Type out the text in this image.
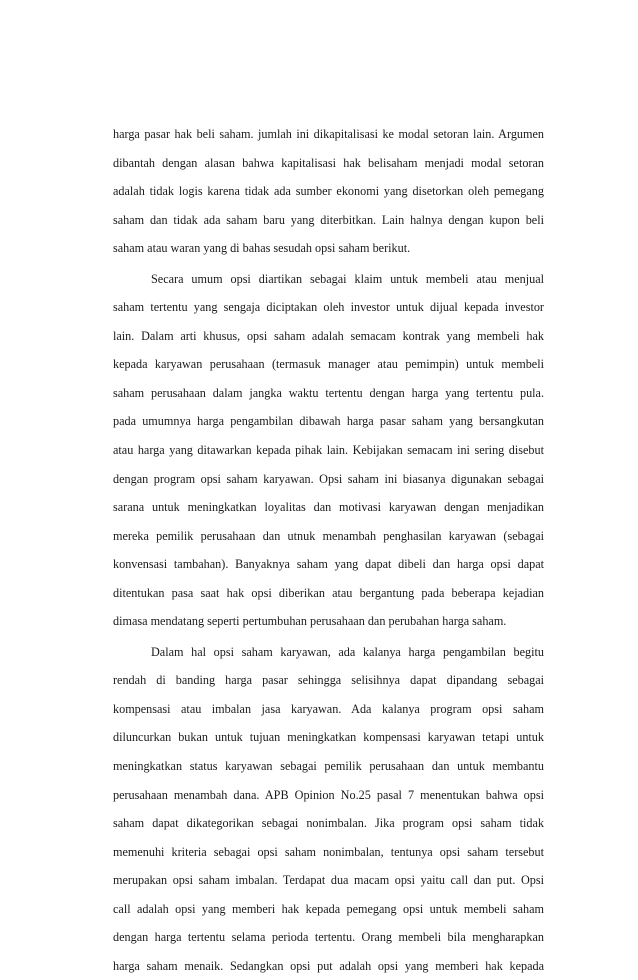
harga pasar hak beli saham. jumlah ini dikapitalisasi ke modal setoran lain. Argumen
dibantah dengan alasan bahwa kapitalisasi hak belisaham menjadi modal setoran
adalah tidak logis karena tidak ada sumber ekonomi yang disetorkan oleh pemegang
saham dan tidak ada saham baru yang diterbitkan. Lain halnya dengan kupon beli
saham atau waran yang di bahas sesudah opsi saham berikut.
Secara umum opsi diartikan sebagai klaim untuk membeli atau menjual
saham tertentu yang sengaja diciptakan oleh investor untuk dijual kepada investor
lain. Dalam arti khusus, opsi saham adalah semacam kontrak yang membeli hak
kepada karyawan perusahaan (termasuk manager atau pemimpin) untuk membeli
saham perusahaan dalam jangka waktu tertentu dengan harga yang tertentu pula.
pada umumnya harga pengambilan dibawah harga pasar saham yang bersangkutan
atau harga yang ditawarkan kepada pihak lain. Kebijakan semacam ini sering disebut
dengan program opsi saham karyawan. Opsi saham ini biasanya digunakan sebagai
sarana untuk meningkatkan loyalitas dan motivasi karyawan dengan menjadikan
mereka pemilik perusahaan dan utnuk menambah penghasilan karyawan (sebagai
konvensasi tambahan). Banyaknya saham yang dapat dibeli dan harga opsi dapat
ditentukan pasa saat hak opsi diberikan atau bergantung pada beberapa kejadian
dimasa mendatang seperti pertumbuhan perusahaan dan perubahan harga saham.
Dalam hal opsi saham karyawan, ada kalanya harga pengambilan begitu
rendah di banding harga pasar sehingga selisihnya dapat dipandang sebagai
kompensasi atau imbalan jasa karyawan. Ada kalanya program opsi saham
diluncurkan bukan untuk tujuan meningkatkan kompensasi karyawan tetapi untuk
meningkatkan status karyawan sebagai pemilik perusahaan dan untuk membantu
perusahaan menambah dana. APB Opinion No.25 pasal 7 menentukan bahwa opsi
saham dapat dikategorikan sebagai nonimbalan. Jika program opsi saham tidak
memenuhi kriteria sebagai opsi saham nonimbalan, tentunya opsi saham tersebut
merupakan opsi saham imbalan. Terdapat dua macam opsi yaitu call dan put. Opsi
call adalah opsi yang memberi hak kepada pemegang opsi untuk membeli saham
dengan harga tertentu selama perioda tertentu. Orang membeli bila mengharapkan
harga saham menaik. Sedangkan opsi put adalah opsi yang memberi hak kepada
